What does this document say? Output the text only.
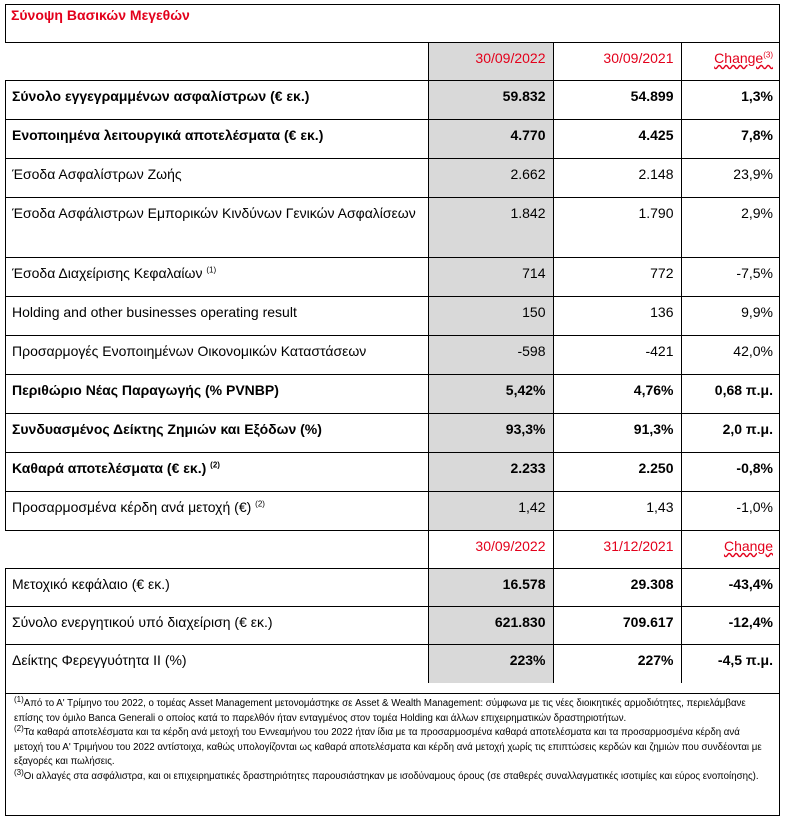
Σύνοψη Βασικών Μεγεθών

	30/09/2022	30/09/2021	Change$^{(3)}$

Σύνολο εγγεγραμμένων ασφαλίστρων (€ εκ.)	59.832	54.899	1,3%

Ενοποιημένα λειτουργικά αποτελέσματα (€ εκ.)	4.770	4.425	7,8%

Έσοδα Ασφαλίστρων Ζωής	2.662	2.148	23,9%

Έσοδα Ασφάλιστρων Εμπορικών Κινδύνων Γενικών Ασφαλίσεων	1.842	1.790	2,9%

Έσοδα Διαχείρισης Κεφαλαίων $^{(1)}$	714	772	-7,5%

Holding and other businesses operating result	150	136	9,9%

Προσαρμογές Ενοποιημένων Οικονομικών Καταστάσεων	-598	-421	42,0%

Περιθώριο Νέας Παραγωγής (% PVNBP)	5,42%	4,76%	0,68 π.μ.

Συνδυασμένος Δείκτης Ζημιών και Εξόδων (%)	93,3%	91,3%	2,0 π.μ.

Καθαρά αποτελέσματα (€ εκ.) $^{(2)}$	2.233	2.250	-0,8%

Προσαρμοσμένα κέρδη ανά μετοχή (€) $^{(2)}$	1,42	1,43	-1,0%

	30/09/2022	31/12/2021	Change

Μετοχικό κεφάλαιο (€ εκ.)	16.578	29.308	-43,4%

Σύνολο ενεργητικού υπό διαχείριση (€ εκ.)	621.830	709.617	-12,4%

Δείκτης Φερεγγυότητα ΙΙ (%)	223%	227%	-4,5 π.μ.

$^{(1)}$Από το Α' Τρίμηνο του 2022, ο τομέας Asset Management μετονομάστηκε σε Asset & Wealth Management: σύμφωνα με τις νέες διοικητικές αρμοδιότητες, περιελάμβανε επίσης τον όμιλο Banca Generali ο οποίος κατά το παρελθόν ήταν ενταγμένος στον τομέα Holding και άλλων επιχειρηματικών δραστηριοτήτων.

$^{(2)}$Τα καθαρά αποτελέσματα και τα κέρδη ανά μετοχή του Εννεαμήνου του 2022 ήταν ίδια με τα προσαρμοσμένα καθαρά αποτελέσματα και τα προσαρμοσμένα κέρδη ανά μετοχή του Α' Τριμήνου του 2022 αντίστοιχα, καθώς υπολογίζονται ως καθαρά αποτελέσματα και κέρδη ανά μετοχή χωρίς τις επιπτώσεις κερδών και ζημιών που συνδέονται με εξαγορές και πωλήσεις.

$^{(3)}$Οι αλλαγές στα ασφάλιστρα, και οι επιχειρηματικές δραστηριότητες παρουσιάστηκαν με ισοδύναμους όρους (σε σταθερές συναλλαγματικές ισοτιμίες και εύρος ενοποίησης).
